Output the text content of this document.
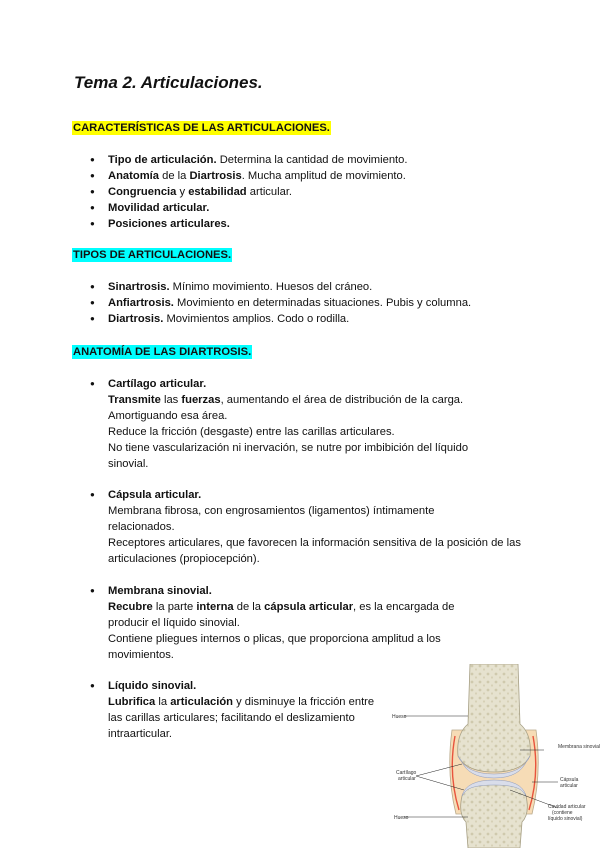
Tema 2. Articulaciones.
CARACTERÍSTICAS DE LAS ARTICULACIONES.
● Tipo de articulación. Determina la cantidad de movimiento.
● Anatomía de la Diartrosis. Mucha amplitud de movimiento.
● Congruencia y estabilidad articular.
● Movilidad articular.
● Posiciones articulares.
TIPOS DE ARTICULACIONES.
● Sinartrosis. Mínimo movimiento. Huesos del cráneo.
● Anfiartrosis. Movimiento en determinadas situaciones. Pubis y columna.
● Diartrosis. Movimientos amplios. Codo o rodilla.
ANATOMÍA DE LAS DIARTROSIS.
● Cartílago articular.

Transmite las fuerzas, aumentando el área de distribución de la carga.

Amortiguando esa área.

Reduce la fricción (desgaste) entre las carillas articulares.

No tiene vascularización ni inervación, se nutre por imbibición del líquido sinovial.

● Cápsula articular.

Membrana fibrosa, con engrosamientos (ligamentos) íntimamente relacionados.

Receptores articulares, que favorecen la información sensitiva de la posición de las articulaciones (propiocepción).

● Membrana sinovial.

Recubre la parte interna de la cápsula articular, es la encargada de producir el líquido sinovial.

Contiene pliegues internos o plicas, que proporciona amplitud a los movimientos.

● Líquido sinovial.

Lubrifica la articulación y disminuye la fricción entre las carillas articulares; facilitando el deslizamiento intraarticular.

Hueso
Membrana sinovial
Cartílago
articular	Cápsula
articular
Cavidad articular
(contiene
líquido sinovial)
Hueso
